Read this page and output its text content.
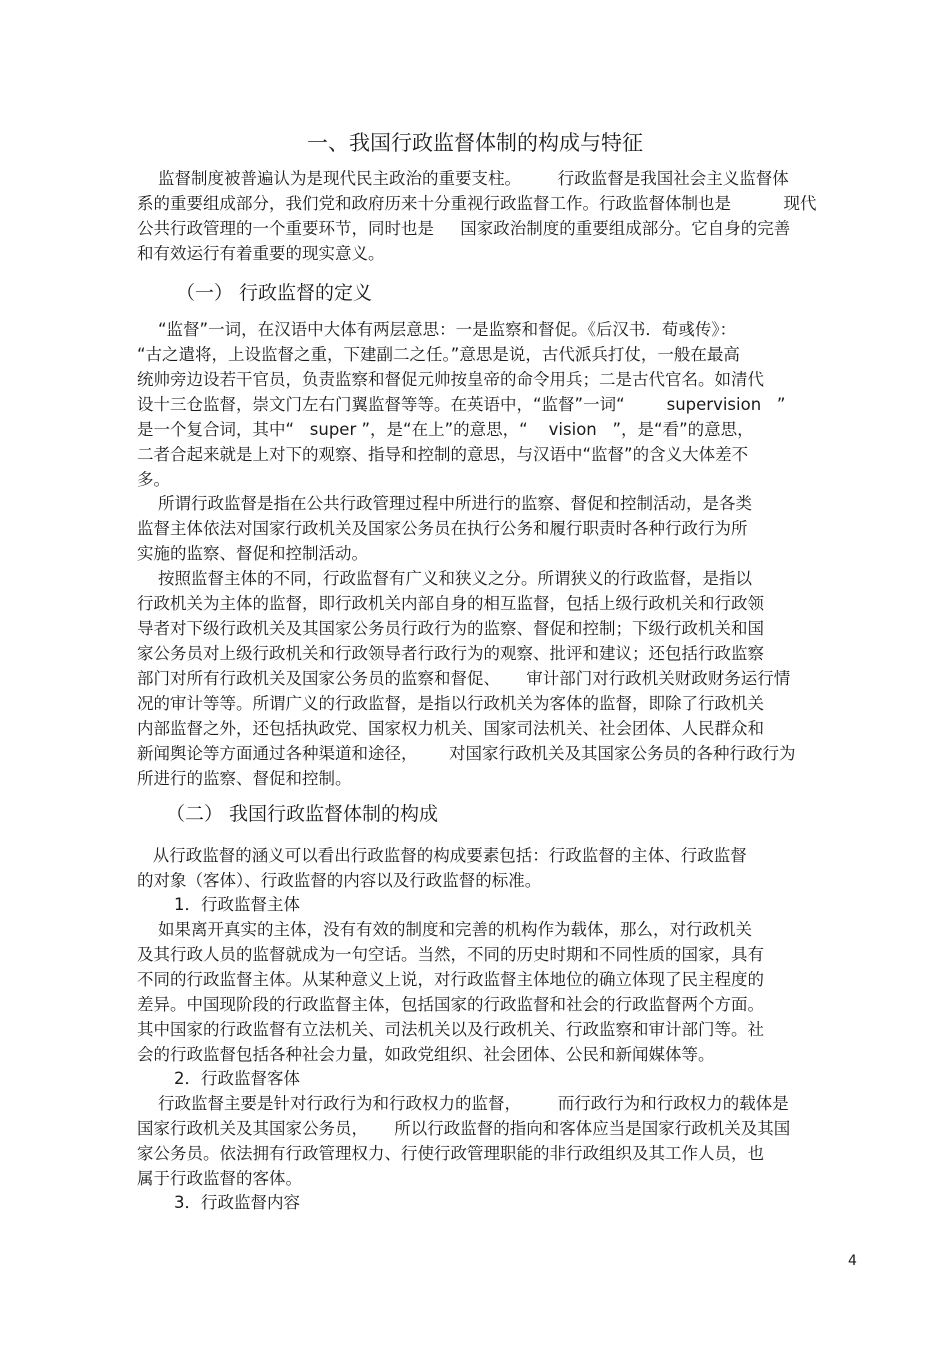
一、我国行政监督体制的构成与特征
监督制度被普遍认为是现代民主政治的重要支柱。       行政监督是我国社会主义监督体
系的重要组成部分，我们党和政府历来十分重视行政监督工作。行政监督体制也是          现代
公共行政管理的一个重要环节，同时也是     国家政治制度的重要组成部分。它自身的完善
和有效运行有着重要的现实意义。
（一） 行政监督的定义
“监督”一词，在汉语中大体有两层意思：一是监察和督促。《后汉书．荀彧传》：
“古之遣将，上设监督之重，下建副二之任。”意思是说，古代派兵打仗，一般在最高
统帅旁边设若干官员，负责监察和督促元帅按皇帝的命令用兵；二是古代官名。如清代
设十三仓监督，崇文门左右门翼监督等等。在英语中，“监督”一词“        supervision   ”
是一个复合词，其中“   super ”，是“在上”的意思，“    vision   ”，是“看”的意思，
二者合起来就是上对下的观察、指导和控制的意思，与汉语中“监督”的含义大体差不
多。
所谓行政监督是指在公共行政管理过程中所进行的监察、督促和控制活动，是各类
监督主体依法对国家行政机关及国家公务员在执行公务和履行职责时各种行政行为所
实施的监察、督促和控制活动。
按照监督主体的不同，行政监督有广义和狭义之分。所谓狭义的行政监督，是指以
行政机关为主体的监督，即行政机关内部自身的相互监督，包括上级行政机关和行政领
导者对下级行政机关及其国家公务员行政行为的监察、督促和控制；下级行政机关和国
家公务员对上级行政机关和行政领导者行政行为的观察、批评和建议；还包括行政监察
部门对所有行政机关及国家公务员的监察和督促、     审计部门对行政机关财政财务运行情
况的审计等等。所谓广义的行政监督，是指以行政机关为客体的监督，即除了行政机关
内部监督之外，还包括执政党、国家权力机关、国家司法机关、社会团体、人民群众和
新闻舆论等方面通过各种渠道和途径，      对国家行政机关及其国家公务员的各种行政行为
所进行的监察、督促和控制。
（二） 我国行政监督体制的构成
从行政监督的涵义可以看出行政监督的构成要素包括：行政监督的主体、行政监督
的对象（客体）、行政监督的内容以及行政监督的标准。
1．行政监督主体
如果离开真实的主体，没有有效的制度和完善的机构作为载体，那么，对行政机关
及其行政人员的监督就成为一句空话。当然，不同的历史时期和不同性质的国家，具有
不同的行政监督主体。从某种意义上说，对行政监督主体地位的确立体现了民主程度的
差异。中国现阶段的行政监督主体，包括国家的行政监督和社会的行政监督两个方面。
其中国家的行政监督有立法机关、司法机关以及行政机关、行政监察和审计部门等。社
会的行政监督包括各种社会力量，如政党组织、社会团体、公民和新闻媒体等。
2．行政监督客体
行政监督主要是针对行政行为和行政权力的监督，       而行政行为和行政权力的载体是
国家行政机关及其国家公务员，     所以行政监督的指向和客体应当是国家行政机关及其国
家公务员。依法拥有行政管理权力、行使行政管理职能的非行政组织及其工作人员，也
属于行政监督的客体。
3．行政监督内容
4
